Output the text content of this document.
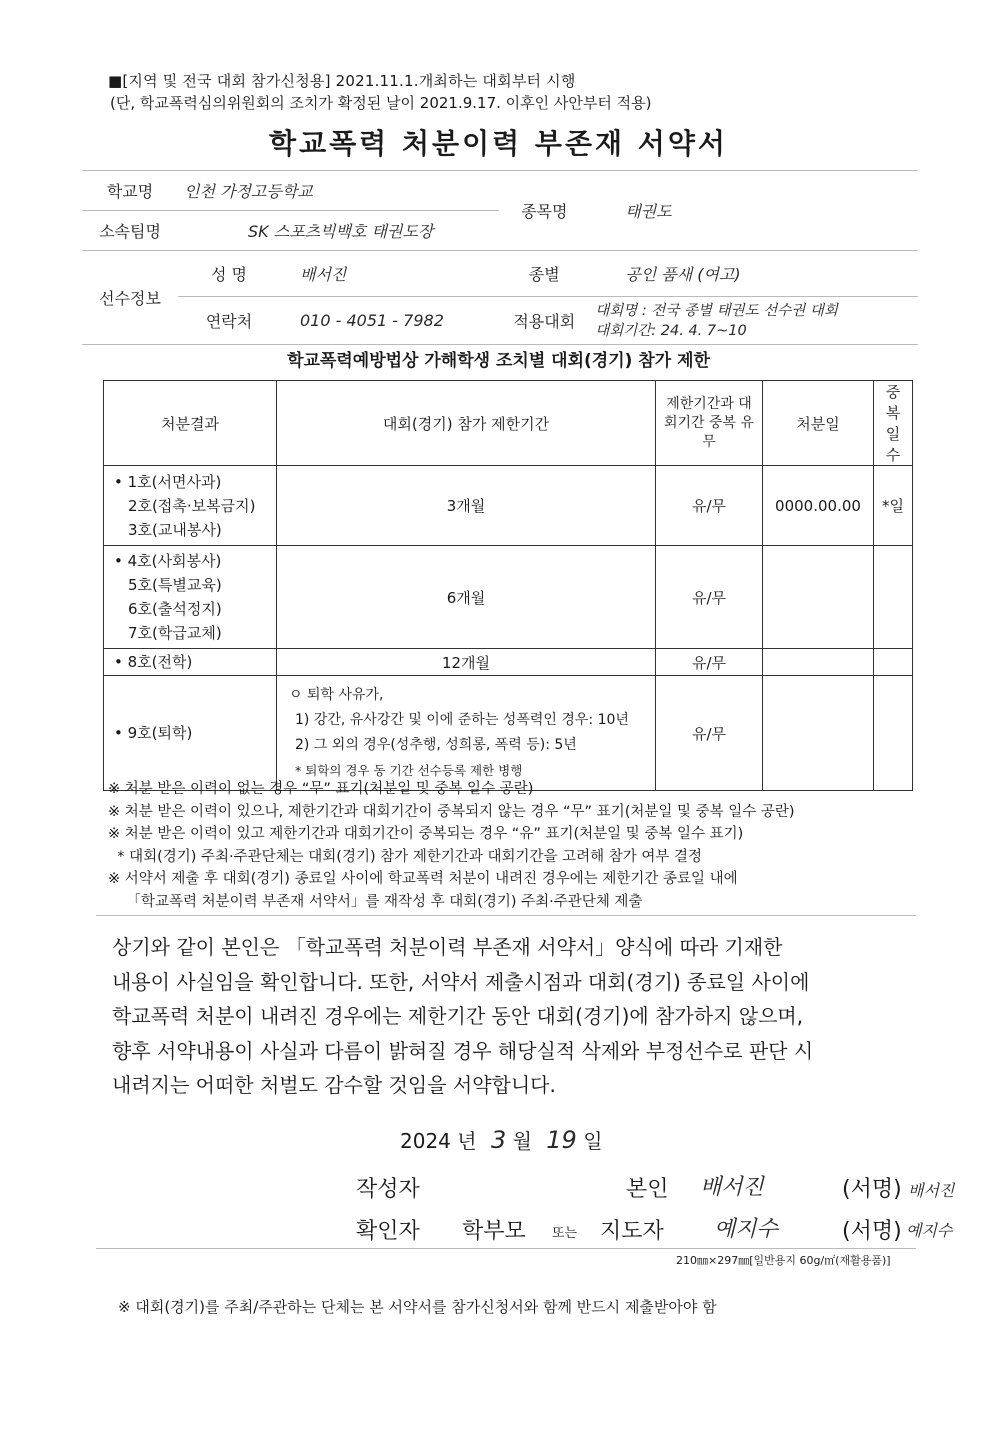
■[지역 및 전국 대회 참가신청용] 2021.11.1.개최하는 대회부터 시행
(단, 학교폭력심의위원회의 조치가 확정된 날이 2021.9.17. 이후인 사안부터 적용)
학교폭력 처분이력 부존재 서약서
학교명	인천 가정고등학교		종목명	태권도
소속팀명	SK 스포츠빅백호 태권도장			
선수정보	성 명	배서진	종별	공인 품새 (여고)
	연락처	010 - 4051 - 7982	적용대회	대회명 : 전국 종별 태권도 선수권 대회
대회기간: 24. 4. 7~10
학교폭력예방법상 가해학생 조치별 대회(경기) 참가 제한
처분결과	대회(경기) 참가 제한기간	제한기간과 대회기간 중복 유무	처분일	중복 일수

• 1호(서면사과)
2호(접촉·보복금지)
3호(교내봉사)	3개월	유/무	0000.00.00	*일

• 4호(사회봉사)
5호(특별교육)
6호(출석정지)
7호(학급교체)	6개월	유/무		
• 8호(전학)	12개월	유/무		
• 9호(퇴학)	ㅇ 퇴학 사유가,
1) 강간, 유사강간 및 이에 준하는 성폭력인 경우: 10년
2) 그 외의 경우(성추행, 성희롱, 폭력 등): 5년
* 퇴학의 경우 동 기간 선수등록 제한 병행	유/무		
※ 처분 받은 이력이 없는 경우 “무” 표기(처분일 및 중복 일수 공란)
※ 처분 받은 이력이 있으나, 제한기간과 대회기간이 중복되지 않는 경우 “무” 표기(처분일 및 중복 일수 공란)
※ 처분 받은 이력이 있고 제한기간과 대회기간이 중복되는 경우 “유” 표기(처분일 및 중복 일수 표기)
* 대회(경기) 주최·주관단체는 대회(경기) 참가 제한기간과 대회기간을 고려해 참가 여부 결정
※ 서약서 제출 후 대회(경기) 종료일 사이에 학교폭력 처분이 내려진 경우에는 제한기간 종료일 내에
「학교폭력 처분이력 부존재 서약서」를 재작성 후 대회(경기) 주최·주관단체 제출
상기와 같이 본인은 「학교폭력 처분이력 부존재 서약서」양식에 따라 기재한
내용이 사실임을 확인합니다. 또한, 서약서 제출시점과 대회(경기) 종료일 사이에
학교폭력 처분이 내려진 경우에는 제한기간 동안 대회(경기)에 참가하지 않으며,
향후 서약내용이 사실과 다름이 밝혀질 경우 해당실적 삭제와 부정선수로 판단 시
내려지는 어떠한 처벌도 감수할 것임을 서약합니다.
2024 년 3 월 19 일
작성자	본인 배서진	(서명) 배서진
확인자 학부모 또는 지도자 예지수	(서명) 예지수
210㎜×297㎜[일반용지 60g/㎡(재활용품)]
※ 대회(경기)를 주최/주관하는 단체는 본 서약서를 참가신청서와 함께 반드시 제출받아야 함
